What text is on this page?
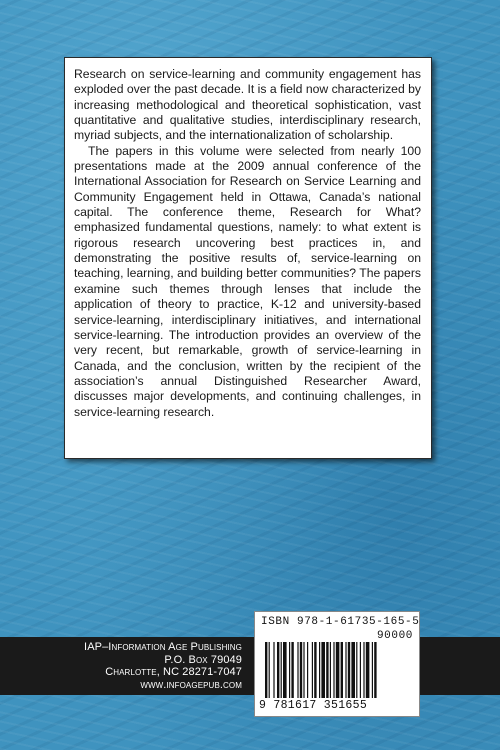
Research on service-learning and community engagement has exploded over the past decade. It is a field now characterized by increasing methodological and theoretical sophistication, vast quantitative and qualitative studies, interdisciplinary research, myriad subjects, and the internationalization of scholarship.

The papers in this volume were selected from nearly 100 presentations made at the 2009 annual conference of the International Association for Research on Service Learning and Community Engagement held in Ottawa, Canada’s national capital. The conference theme, Research for What? emphasized fundamental questions, namely: to what extent is rigorous research uncovering best practices in, and demonstrating the positive results of, service-learning on teaching, learning, and building better communities? The papers examine such themes through lenses that include the application of theory to practice, K-12 and university-based service-learning, interdisciplinary initiatives, and international service-learning. The introduction provides an overview of the very recent, but remarkable, growth of service-learning in Canada, and the conclusion, written by the recipient of the association’s annual Distinguished Researcher Award, discusses major developments, and continuing challenges, in service-learning research.

IAP–Information Age Publishing
P.O. Box 79049
Charlotte, NC 28271-7047
www.infoagepub.com
ISBN 978-1-61735-165-5
90000
9 781617 351655
